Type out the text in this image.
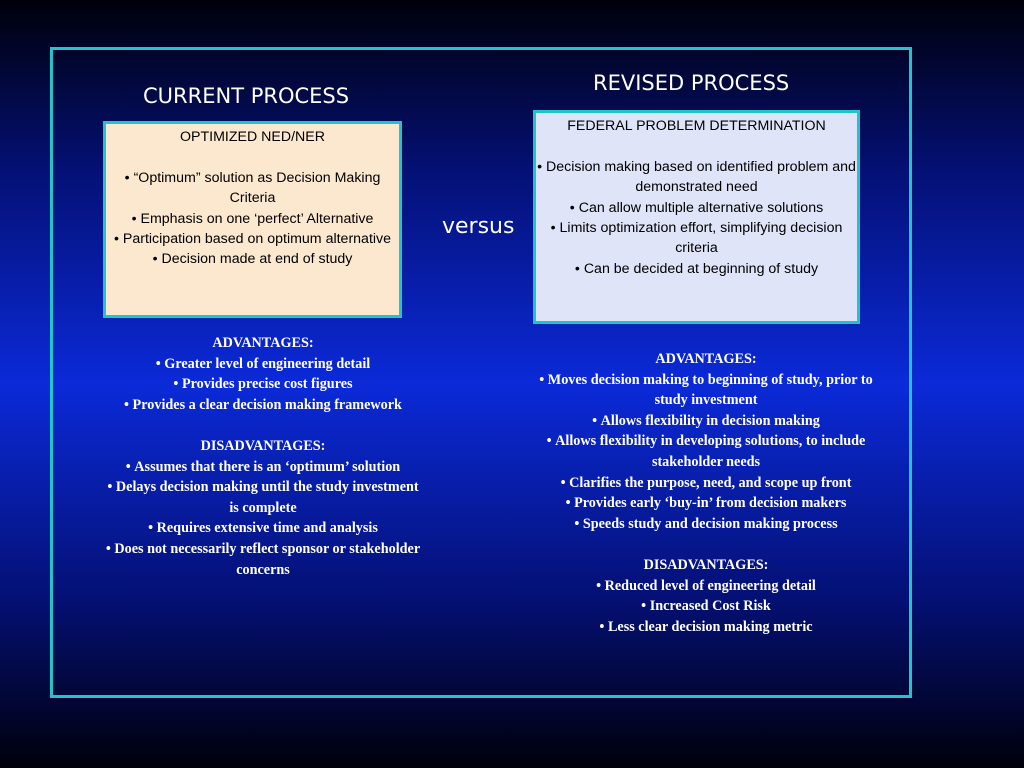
CURRENT PROCESS
REVISED PROCESS
OPTIMIZED NED/NER
• “Optimum” solution as Decision Making Criteria
• Emphasis on one ‘perfect’ Alternative
• Participation based on optimum alternative
• Decision made at end of study
versus
FEDERAL PROBLEM DETERMINATION
• Decision making based on identified problem and demonstrated need
• Can allow multiple alternative solutions
• Limits optimization effort, simplifying decision criteria
• Can be decided at beginning of study
ADVANTAGES:
• Greater level of engineering detail
• Provides precise cost figures
• Provides a clear decision making framework
DISADVANTAGES:
• Assumes that there is an ‘optimum’ solution
• Delays decision making until the study investment is complete
• Requires extensive time and analysis
• Does not necessarily reflect sponsor or stakeholder concerns
ADVANTAGES:
• Moves decision making to beginning of study, prior to study investment
• Allows flexibility in decision making
• Allows flexibility in developing solutions, to include stakeholder needs
• Clarifies the purpose, need, and scope up front
• Provides early ‘buy-in’ from decision makers
• Speeds study and decision making process
DISADVANTAGES:
• Reduced level of engineering detail
• Increased Cost Risk
• Less clear decision making metric
